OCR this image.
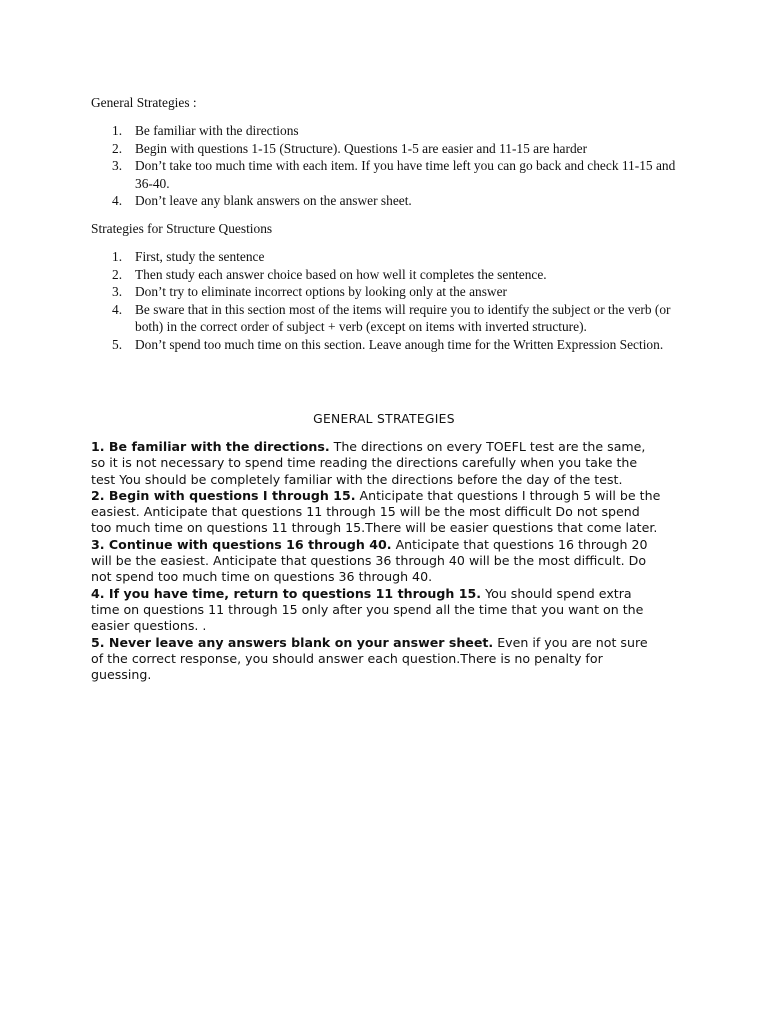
General Strategies :
1. Be familiar with the directions
2. Begin with questions 1-15 (Structure). Questions 1-5 are easier and 11-15 are harder
3. Don’t take too much time with each item. If you have time left you can go back and check 11-15 and 36-40.
4. Don’t leave any blank answers on the answer sheet.
Strategies for Structure Questions
1. First, study the sentence
2. Then study each answer choice based on how well it completes the sentence.
3. Don’t try to eliminate incorrect options by looking only at the answer
4. Be sware that in this section most of the items will require you to identify the subject or the verb (or both) in the correct order of subject + verb (except on items with inverted structure).
5. Don’t spend too much time on this section. Leave anough time for the Written Expression Section.
GENERAL STRATEGIES

1. Be familiar with the directions. The directions on every TOEFL test are the same, so it is not necessary to spend time reading the directions carefully when you take the test You should be completely familiar with the directions before the day of the test.

2. Begin with questions I through 15. Anticipate that questions I through 5 will be the easiest. Anticipate that questions 11 through 15 will be the most difficult Do not spend too much time on questions 11 through 15.There will be easier questions that come later.

3. Continue with questions 16 through 40. Anticipate that questions 16 through 20 will be the easiest. Anticipate that questions 36 through 40 will be the most difficult. Do not spend too much time on questions 36 through 40.

4. If you have time, return to questions 11 through 15. You should spend extra time on questions 11 through 15 only after you spend all the time that you want on the easier questions. .

5. Never leave any answers blank on your answer sheet. Even if you are not sure of the correct response, you should answer each question.There is no penalty for guessing.
